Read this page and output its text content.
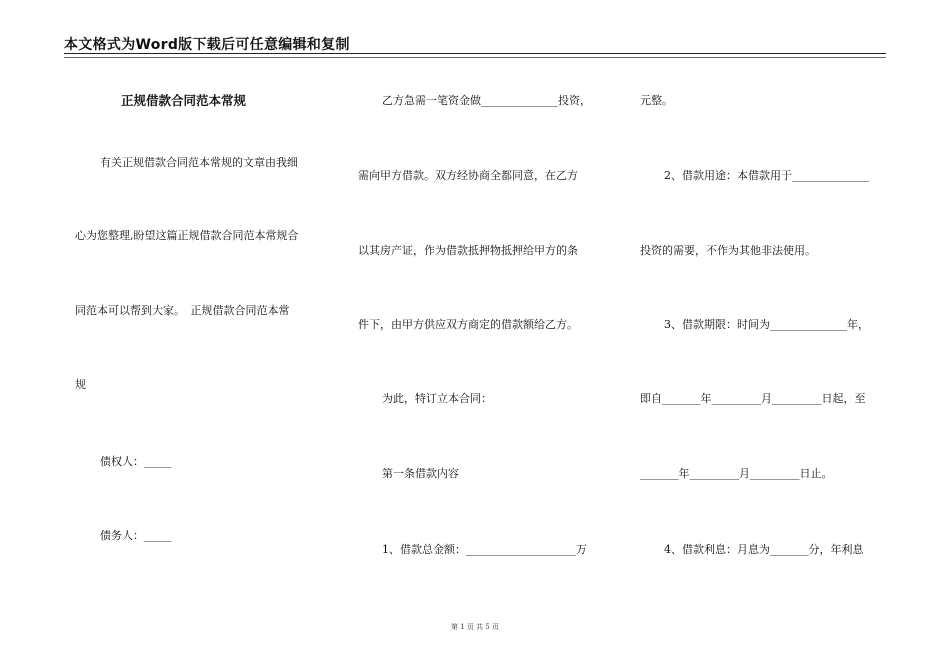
本文格式为Word版下载后可任意编辑和复制
正规借款合同范本常规
有关正规借款合同范本常规的文章由我细
心为您整理,盼望这篇正规借款合同范本常规合
同范本可以帮到大家。　正规借款合同范本常
规
债权人：_____
债务人：_____
乙方急需一笔资金做______________投资，
需向甲方借款。双方经协商全都同意，在乙方
以其房产证，作为借款抵押物抵押给甲方的条
件下，由甲方供应双方商定的借款额给乙方。
为此，特订立本合同：
第一条借款内容
1、借款总金额：____________________万
元整。
2、借款用途：本借款用于______________
投资的需要，不作为其他非法使用。
3、借款期限：时间为______________年，
即自_______年_________月_________日起，至
_______年_________月_________日止。
4、借款利息：月息为_______分，年利息
第 1 页 共 5 页
